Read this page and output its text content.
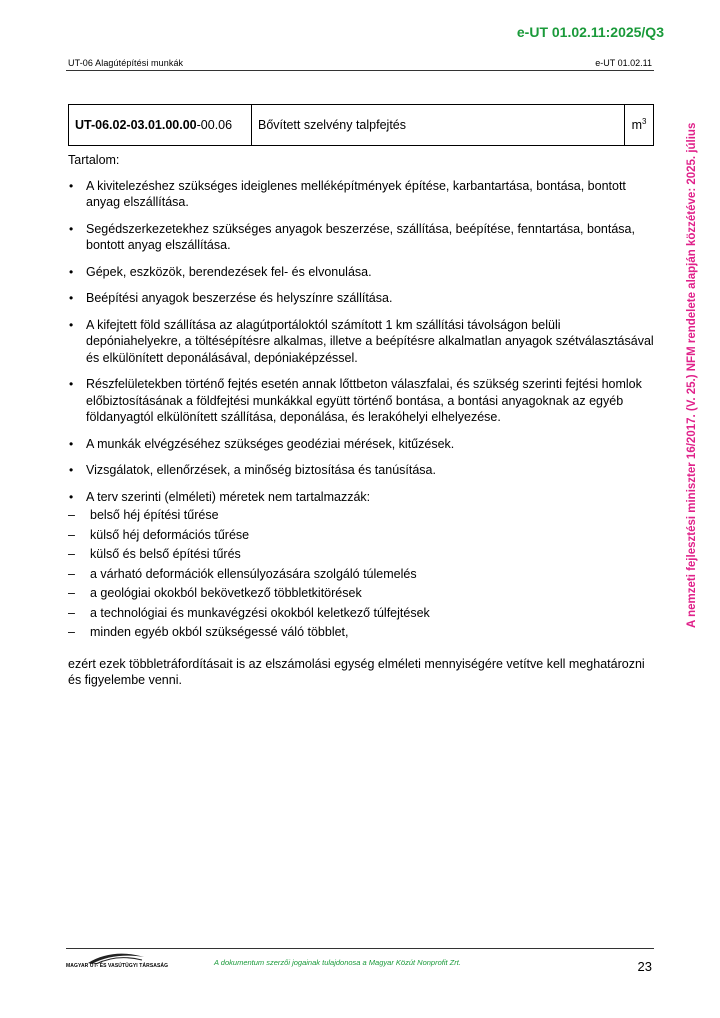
e-UT 01.02.11:2025/Q3
UT-06 Alagútépítési munkák	e-UT 01.02.11
A nemzeti fejlesztési miniszter 16/2017. (V. 25.) NFM rendelete alapján közzétéve: 2025. július
UT-06.02-03.01.00.00-00.06	Bővített szelvény talpfejtés	$m^3$

Tartalom:

• A kivitelezéshez szükséges ideiglenes melléképítmények építése, karbantartása, bontása, bontott anyag elszállítása.
• Segédszerkezetekhez szükséges anyagok beszerzése, szállítása, beépítése, fenntartása, bontása, bontott anyag elszállítása.
• Gépek, eszközök, berendezések fel- és elvonulása.
• Beépítési anyagok beszerzése és helyszínre szállítása.
• A kifejtett föld szállítása az alagútportáloktól számított 1 km szállítási távolságon belüli depóniahelyekre, a töltésépítésre alkalmas, illetve a beépítésre alkalmatlan anyagok szétválasztásával és elkülönített deponálásával, depóniaképzéssel.
• Részfelületekben történő fejtés esetén annak lőttbeton válaszfalai, és szükség szerinti fejtési homlok előbiztosításának a földfejtési munkákkal együtt történő bontása, a bontási anyagoknak az egyéb földanyagtól elkülönített szállítása, deponálása, és lerakóhelyi elhelyezése.
• A munkák elvégzéséhez szükséges geodéziai mérések, kitűzések.
• Vizsgálatok, ellenőrzések, a minőség biztosítása és tanúsítása.
• A terv szerinti (elméleti) méretek nem tartalmazzák:
– belső héj építési tűrése
– külső héj deformációs tűrése
– külső és belső építési tűrés
– a várható deformációk ellensúlyozására szolgáló túlemelés
– a geológiai okokból bekövetkező többletkitörések
– a technológiai és munkavégzési okokból keletkező túlfejtések
– minden egyéb okból szükségessé váló többlet,

ezért ezek többletráfordításait is az elszámolási egység elméleti mennyiségére vetítve kell meghatározni és figyelembe venni.

MAGYAR ÚT- ÉS VASÚTÜGYI TÁRSASÁG	A dokumentum szerzői jogainak tulajdonosa a Magyar Közút Nonprofit Zrt.	23
